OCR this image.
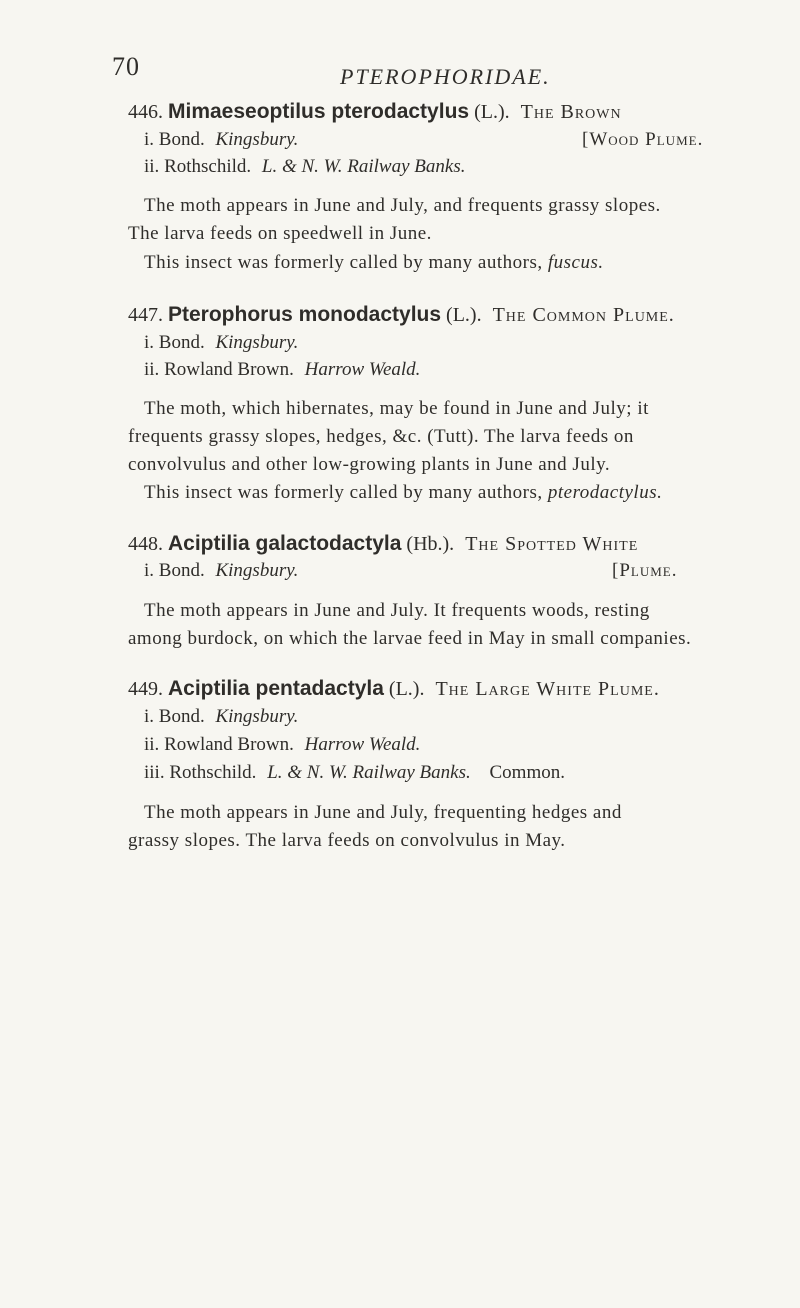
70	PTEROPHORIDAE.
446. Mimaeseoptilus pterodactylus (L.). The Brown
i. Bond. Kingsbury.	[Wood Plume.
ii. Rothschild. L. & N. W. Railway Banks.
The moth appears in June and July, and frequents grassy slopes.
The larva feeds on speedwell in June.
This insect was formerly called by many authors, fuscus.
447. Pterophorus monodactylus (L.). The Common Plume.
i. Bond. Kingsbury.
ii. Rowland Brown. Harrow Weald.
The moth, which hibernates, may be found in June and July; it
frequents grassy slopes, hedges, &c. (Tutt). The larva feeds on
convolvulus and other low-growing plants in June and July.
This insect was formerly called by many authors, pterodactylus.
448. Aciptilia galactodactyla (Hb.). The Spotted White
i. Bond. Kingsbury.	[Plume.
The moth appears in June and July. It frequents woods, resting
among burdock, on which the larvae feed in May in small companies.
449. Aciptilia pentadactyla (L.). The Large White Plume.
i. Bond. Kingsbury.
ii. Rowland Brown. Harrow Weald.
iii. Rothschild. L. & N. W. Railway Banks. Common.
The moth appears in June and July, frequenting hedges and
grassy slopes. The larva feeds on convolvulus in May.
